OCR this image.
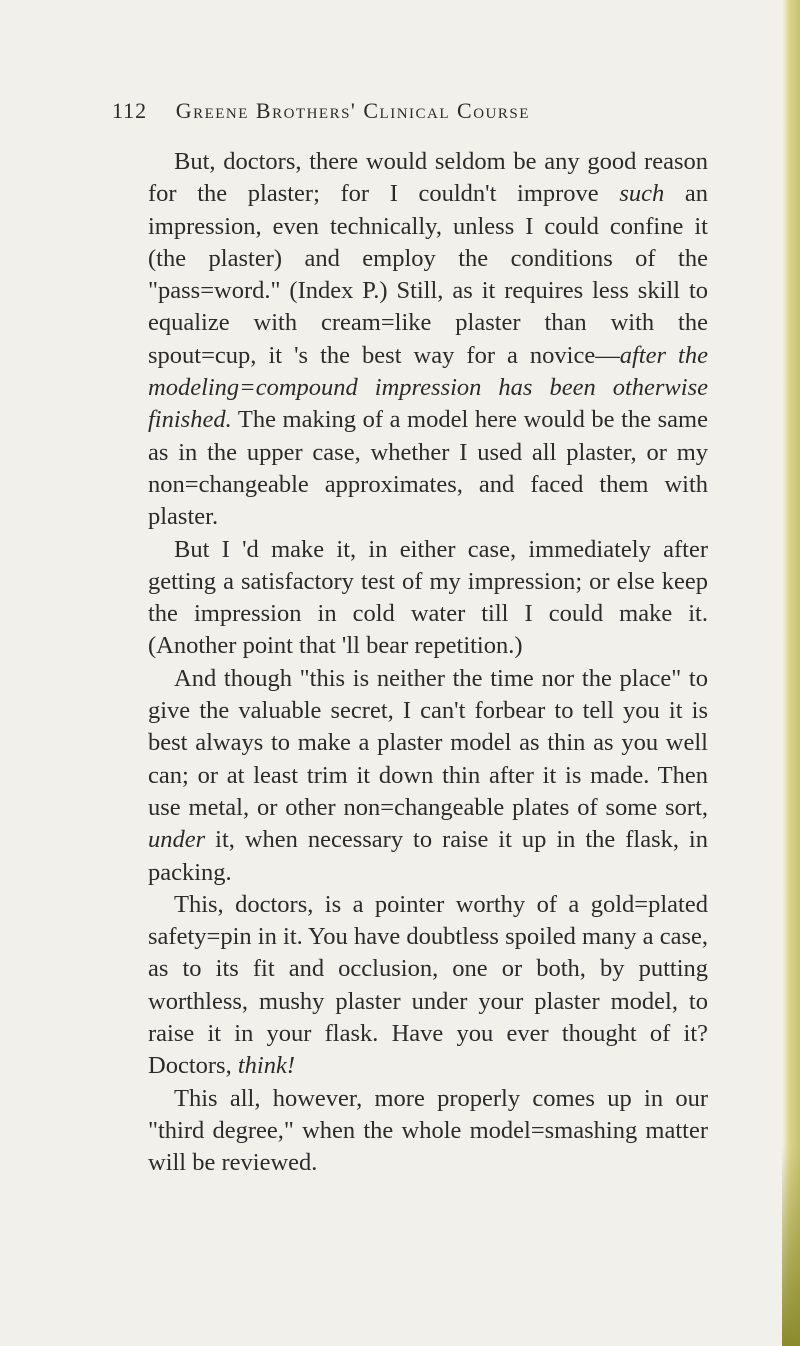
112 Greene Brothers' Clinical Course

But, doctors, there would seldom be any good reason for the plaster; for I couldn't improve such an impression, even technically, unless I could confine it (the plaster) and employ the conditions of the "pass=word." (Index P.) Still, as it requires less skill to equalize with cream=like plaster than with the spout=cup, it 's the best way for a novice—after the modeling=compound impression has been otherwise finished. The making of a model here would be the same as in the upper case, whether I used all plaster, or my non=changeable approximates, and faced them with plaster.

But I 'd make it, in either case, immediately after getting a satisfactory test of my impression; or else keep the impression in cold water till I could make it. (Another point that 'll bear repetition.)

And though "this is neither the time nor the place" to give the valuable secret, I can't forbear to tell you it is best always to make a plaster model as thin as you well can; or at least trim it down thin after it is made. Then use metal, or other non=changeable plates of some sort, under it, when necessary to raise it up in the flask, in packing.

This, doctors, is a pointer worthy of a gold=plated safety=pin in it. You have doubtless spoiled many a case, as to its fit and occlusion, one or both, by putting worthless, mushy plaster under your plaster model, to raise it in your flask. Have you ever thought of it? Doctors, think!

This all, however, more properly comes up in our "third degree," when the whole model=smashing matter will be reviewed.
